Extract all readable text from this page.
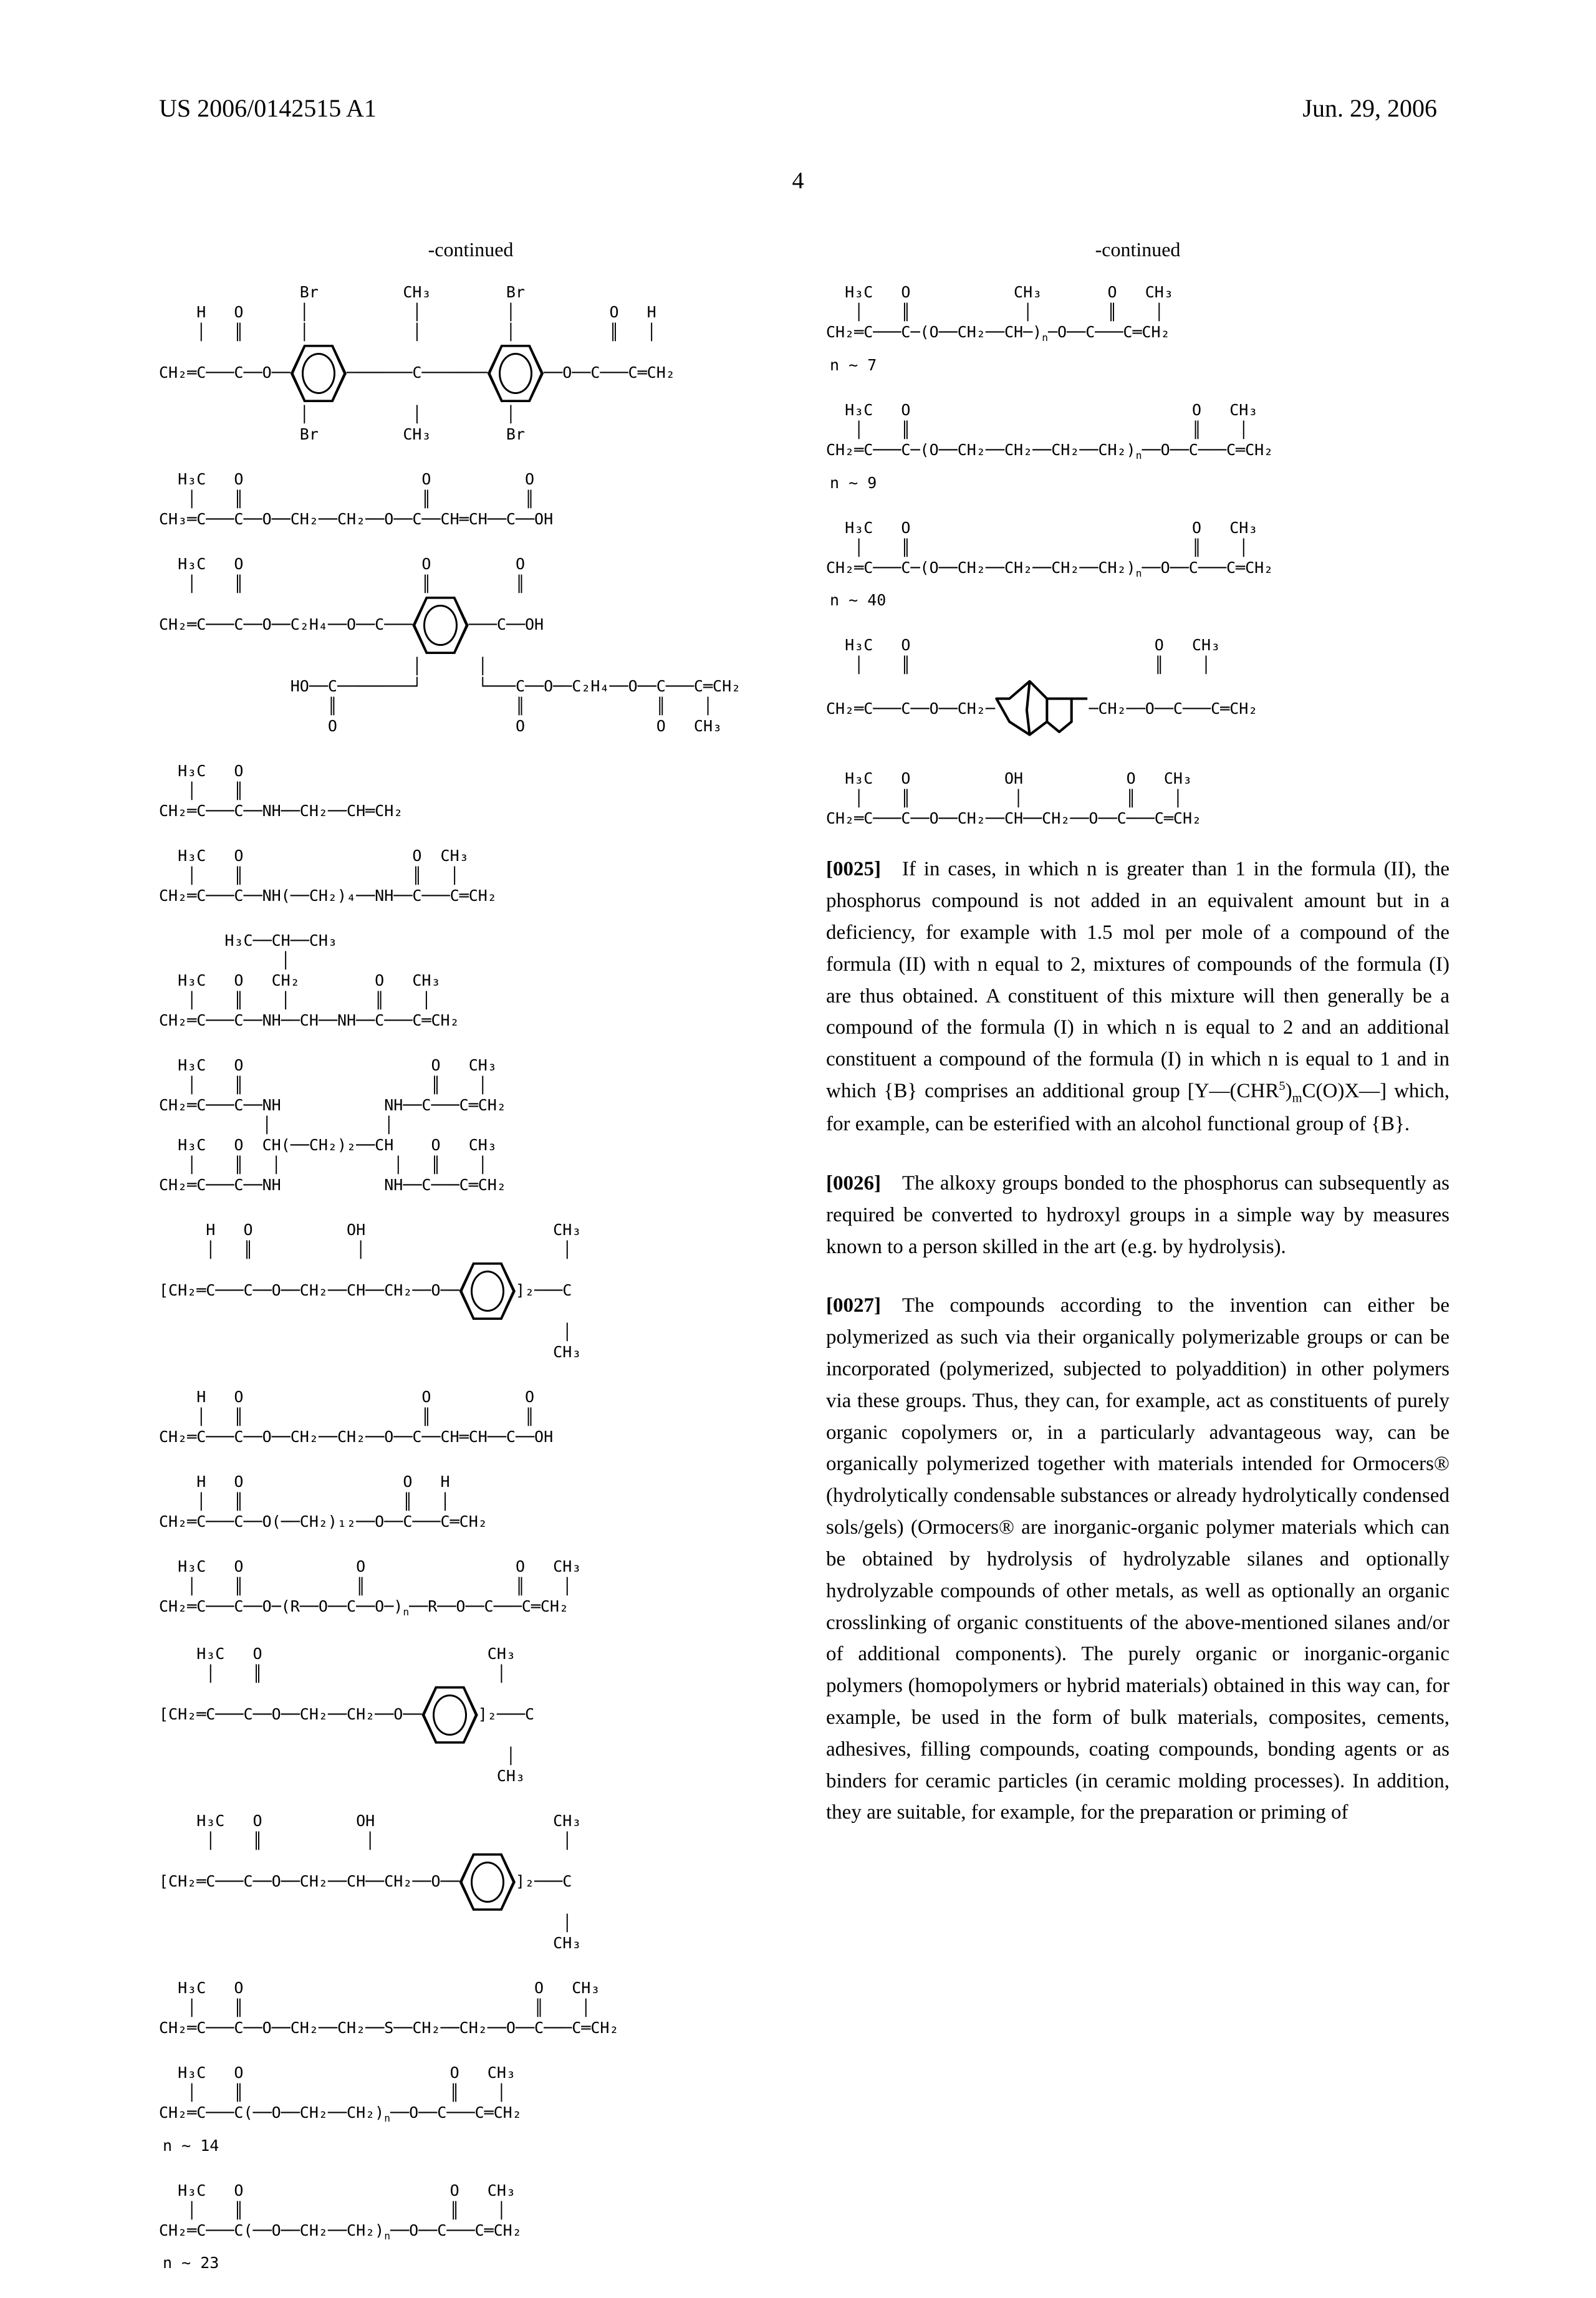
US 2006/0142515 A1	Jun. 29, 2006
4
-continued
Br         CH₃        Br
H   O      │           │         │          O   H
│   ║      │           │         │          ║   │
CH₂═C───C──O──	───────C───────	──O──C───C═CH₂
│           │         │
Br         CH₃        Br
H₃C   O                   O          O
│    ║                   ║          ║
CH₃═C───C──O──CH₂──CH₂──O──C──CH═CH──C──OH
H₃C   O                   O         O
│    ║                   ║         ║
CH₂═C───C──O──C₂H₄──O──C───	───C──OH
│      │
HO──C────────┘      └───C──O──C₂H₄──O──C───C═CH₂
║                   ║              ║    │
O                   O              O   CH₃
H₃C   O
│    ║
CH₂═C───C──NH──CH₂──CH═CH₂
H₃C   O                  O  CH₃
│    ║                  ║   │
CH₂═C───C──NH(──CH₂)₄──NH──C───C═CH₂
H₃C──CH──CH₃
│
H₃C   O   CH₂        O   CH₃
│    ║    │         ║    │
CH₂═C───C──NH──CH──NH──C───C═CH₂
H₃C   O                    O   CH₃
│    ║                    ║    │
CH₂═C───C──NH           NH──C───C═CH₂
│            │
H₃C   O  CH(──CH₂)₂──CH    O   CH₃
│    ║   │            │   ║    │
CH₂═C───C──NH           NH──C───C═CH₂
H   O          OH                    CH₃
│   ║           │                     │
[CH₂═C───C──O──CH₂──CH──CH₂──O──	]₂───C
│
CH₃
H   O                   O          O
│   ║                   ║          ║
CH₂═C───C──O──CH₂──CH₂──O──C──CH═CH──C──OH
H   O                 O   H
│   ║                 ║   │
CH₂═C───C──O(──CH₂)₁₂──O──C───C═CH₂
H₃C   O            O                O   CH₃
│    ║            ║                ║    │
$CH_2═C───C──O─(R──O──C──O─)_n──R──O──C───C═CH_2$
H₃C   O                        CH₃
│    ║                         │
[CH₂═C───C──O──CH₂──CH₂──O──	]₂───C
│
CH₃
H₃C   O          OH                   CH₃
│    ║           │                    │
[CH₂═C───C──O──CH₂──CH──CH₂──O──	]₂───C
│
CH₃
H₃C   O                               O   CH₃
│    ║                               ║    │
CH₂═C───C──O──CH₂──CH₂──S──CH₂──CH₂──O──C───C═CH₂
H₃C   O                      O   CH₃
│    ║                      ║    │
$CH_2═C───C(──O──CH_2──CH_2)_n──O──C───C═CH_2$
n ~ 14
H₃C   O                      O   CH₃
│    ║                      ║    │
$CH_2═C───C(──O──CH_2──CH_2)_n──O──C───C═CH_2$
n ~ 23
-continued
H₃C   O           CH₃       O   CH₃
│    ║            │        ║    │
$CH_2═C───C─(O──CH_2──CH─)_n─O──C───C═CH_2$
n ~ 7
H₃C   O                              O   CH₃
│    ║                              ║    │
$CH_2═C───C─(O──CH_2──CH_2──CH_2──CH_2)_n──O──C───C═CH_2$
n ~ 9
H₃C   O                              O   CH₃
│    ║                              ║    │
$CH_2═C───C─(O──CH_2──CH_2──CH_2──CH_2)_n──O──C───C═CH_2$
n ~ 40
H₃C   O                          O   CH₃
│    ║                          ║    │
CH₂═C───C──O──CH₂─	─CH₂──O──C───C═CH₂
H₃C   O          OH           O   CH₃
│    ║           │           ║    │
CH₂═C───C──O──CH₂──CH──CH₂──O──C───C═CH₂
[0025] If in cases, in which n is greater than 1 in the formula (II), the phosphorus compound is not added in an equivalent amount but in a deficiency, for example with 1.5 mol per mole of a compound of the formula (II) with n equal to 2, mixtures of compounds of the formula (I) are thus obtained. A constituent of this mixture will then generally be a compound of the formula (I) in which n is equal to 2 and an additional constituent a compound of the formula (I) in which n is equal to 1 and in which {B} comprises an additional group $[Y—(CHR^5)_mC(O)X—]$ which, for example, can be esterified with an alcohol functional group of {B}.
[0026] The alkoxy groups bonded to the phosphorus can subsequently as required be converted to hydroxyl groups in a simple way by measures known to a person skilled in the art (e.g. by hydrolysis).
[0027] The compounds according to the invention can either be polymerized as such via their organically polymerizable groups or can be incorporated (polymerized, subjected to polyaddition) in other polymers via these groups. Thus, they can, for example, act as constituents of purely organic copolymers or, in a particularly advantageous way, can be organically polymerized together with materials intended for Ormocers® (hydrolytically condensable substances or already hydrolytically condensed sols/gels) (Ormocers® are inorganic-organic polymer materials which can be obtained by hydrolysis of hydrolyzable silanes and optionally hydrolyzable compounds of other metals, as well as optionally an organic crosslinking of organic constituents of the above-mentioned silanes and/or of additional components). The purely organic or inorganic-organic polymers (homopolymers or hybrid materials) obtained in this way can, for example, be used in the form of bulk materials, composites, cements, adhesives, filling compounds, coating compounds, bonding agents or as binders for ceramic particles (in ceramic molding processes). In addition, they are suitable, for example, for the preparation or priming of
